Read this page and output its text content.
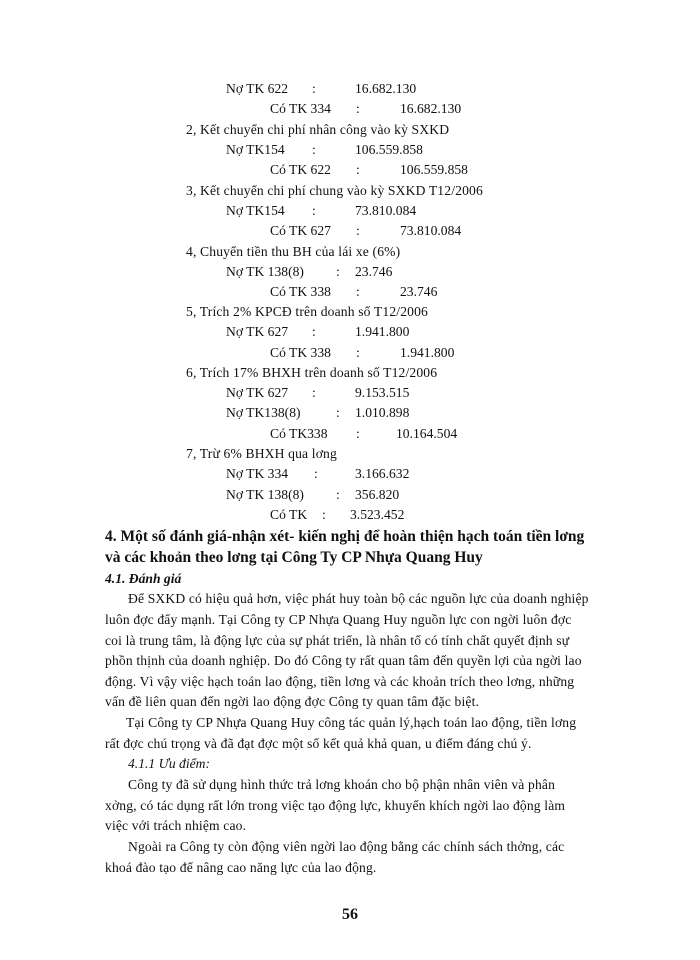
Nợ TK 622 :	16.682.130
Có TK 334 :	16.682.130
2, Kết chuyển chi phí nhân công vào kỳ SXKD
Nợ TK154 :	106.559.858
Có TK 622 :	106.559.858
3, Kết chuyển chi phí chung vào kỳ SXKD T12/2006
Nợ TK154 :	73.810.084
Có TK 627 :	73.810.084
4, Chuyển tiền thu BH của lái xe (6%)
Nợ TK 138(8) : 23.746
Có TK 338 :	23.746
5, Trích 2% KPCĐ trên doanh số T12/2006
Nợ TK 627 :	1.941.800
Có TK 338 :	1.941.800
6, Trích 17% BHXH trên doanh số T12/2006
Nợ TK 627 :	9.153.515
Nợ TK138(8)	: 1.010.898
Có TK338 :	10.164.504
7, Trừ 6% BHXH qua lơng
Nợ TK 334 :	3.166.632
Nợ TK 138(8) : 356.820
Có TK : 3.523.452
4. Một số đánh giá-nhận xét- kiến nghị để hoàn thiện hạch toán tiền lơng
và các khoản theo lơng tại Công Ty CP Nhựa Quang Huy
4.1. Đánh giá
Để SXKD có hiệu quả hơn, việc phát huy toàn bộ các nguồn lực của doanh nghiệp
luôn đợc đẩy mạnh. Tại Công ty CP Nhựa Quang Huy nguồn lực con ngời luôn đợc
coi là trung tâm, là động lực của sự phát triển, là nhân tố có tính chất quyết định sự
phồn thịnh của doanh nghiệp. Do đó Công ty rất quan tâm đến quyền lợi của ngời lao
động. Vì vậy việc hạch toán lao động, tiền lơng và các khoản trích theo lơng, những
vấn đề liên quan đến ngời lao động đợc Công ty quan tâm đặc biệt.
Tại Công ty CP Nhựa Quang Huy công tác quản lý,hạch toán lao động, tiền lơng
rất đợc chú trọng và đã đạt đợc một số kết quả khả quan, u điểm đáng chú ý.
4.1.1 Ưu điểm:
Công ty đã sử dụng hình thức trả lơng khoán cho bộ phận nhân viên và phân
xởng, có tác dụng rất lớn trong việc tạo động lực, khuyến khích ngời lao động làm
việc với trách nhiệm cao.
Ngoài ra Công ty còn động viên ngời lao động bằng các chính sách thởng, các
khoá đào tạo để nâng cao năng lực của lao động.
56
